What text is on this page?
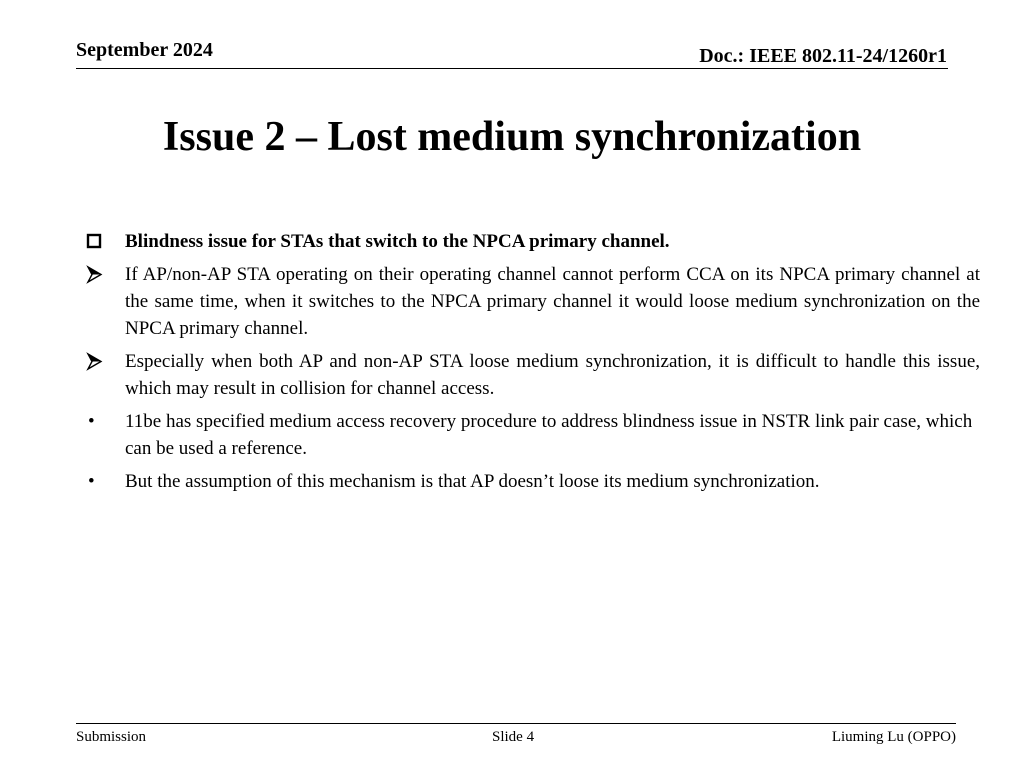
September 2024	Doc.: IEEE 802.11-24/1260r1
Issue 2 – Lost medium synchronization
Blindness issue for STAs that switch to the NPCA primary channel.
If AP/non-AP STA operating on their operating channel cannot perform CCA on its NPCA primary channel at the same time, when it switches to the NPCA primary channel it would loose medium synchronization on the NPCA primary channel.
Especially when both AP and non-AP STA loose medium synchronization, it is difficult to handle this issue, which may result in collision for channel access.
• 11be has specified medium access recovery procedure to address blindness issue in NSTR link pair case, which can be used a reference.
• But the assumption of this mechanism is that AP doesn’t loose its medium synchronization.
Submission	Slide 4	Liuming Lu (OPPO)
